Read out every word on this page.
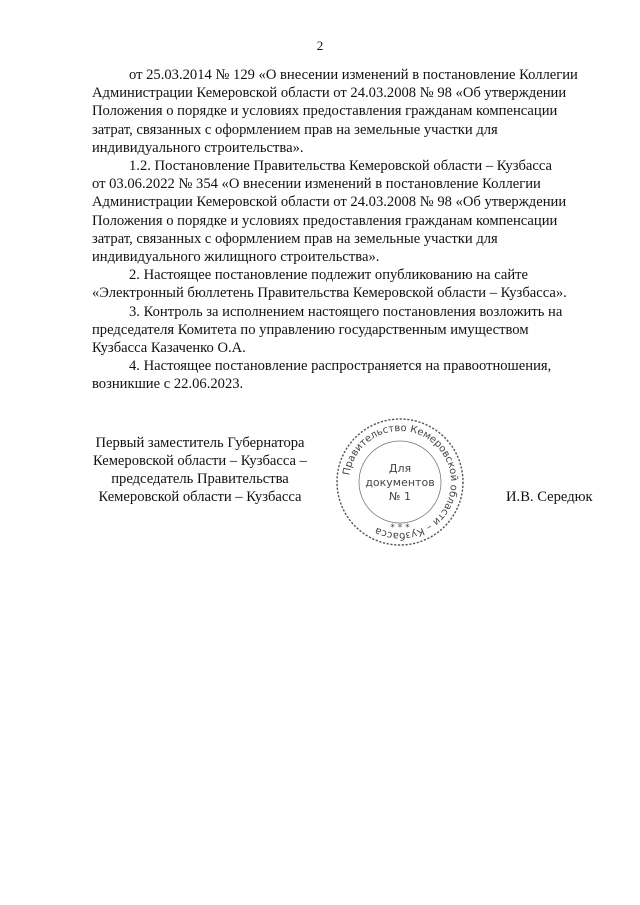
2

от 25.03.2014 № 129 «О внесении изменений в постановление Коллегии
Администрации Кемеровской области от 24.03.2008 № 98 «Об утверждении
Положения о порядке и условиях предоставления гражданам компенсации
затрат, связанных с оформлением прав на земельные участки для
индивидуального строительства».

1.2. Постановление Правительства Кемеровской области – Кузбасса
от 03.06.2022 № 354 «О внесении изменений в постановление Коллегии
Администрации Кемеровской области от 24.03.2008 № 98 «Об утверждении
Положения о порядке и условиях предоставления гражданам компенсации
затрат, связанных с оформлением прав на земельные участки для
индивидуального жилищного строительства».

2. Настоящее постановление подлежит опубликованию на сайте
«Электронный бюллетень Правительства Кемеровской области – Кузбасса».

3. Контроль за исполнением настоящего постановления возложить на
председателя Комитета по управлению государственным имуществом
Кузбасса Казаченко О.А.

4. Настоящее постановление распространяется на правоотношения,
возникшие с 22.06.2023.

Первый заместитель Губернатора
Кемеровской области – Кузбасса –
председатель Правительства
Кемеровской области – Кузбасса
Правительство Кемеровской области – Кузбасса
Для
документов
№ 1
* * *
И.В. Середюк
